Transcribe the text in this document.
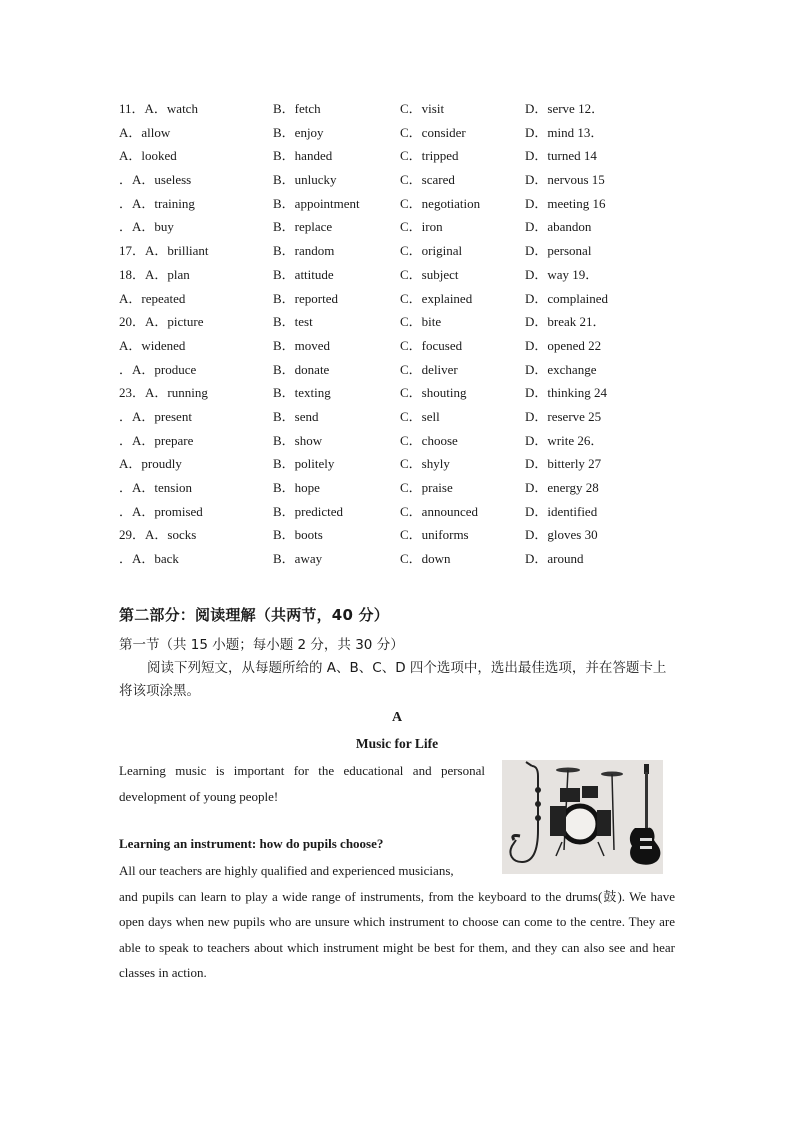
11．A．watch	B．fetch	C．visit	D．serve 12．
A．allow	B．enjoy	C．consider	D．mind 13．
A．looked	B．handed	C．tripped	D．turned 14
．A．useless	B．unlucky	C．scared	D．nervous 15
．A．training	B．appointment	C．negotiation	D．meeting 16
．A．buy	B．replace	C．iron	D．abandon
17．A．brilliant	B．random	C．original	D．personal
18．A．plan	B．attitude	C．subject	D．way 19．
A．repeated	B．reported	C．explained	D．complained
20．A．picture	B．test	C．bite	D．break 21．
A．widened	B．moved	C．focused	D．opened 22
．A．produce	B．donate	C．deliver	D．exchange
23．A．running	B．texting	C．shouting	D．thinking 24
．A．present	B．send	C．sell	D．reserve 25
．A．prepare	B．show	C．choose	D．write 26．
A．proudly	B．politely	C．shyly	D．bitterly 27
．A．tension	B．hope	C．praise	D．energy 28
．A．promised	B．predicted	C．announced	D．identified
29．A．socks	B．boots	C．uniforms	D．gloves 30
．A．back	B．away	C．down	D．around
第二部分：阅读理解（共两节，40 分）
第一节（共 15 小题；每小题 2 分，共 30 分）
阅读下列短文，从每题所给的 A、B、C、D 四个选项中，选出最佳选项，并在答题卡上将该项涂黑。
A
Music for Life
Learning music is important for the educational and personal development of young people!
Learning an instrument: how do pupils choose?
All our teachers are highly qualified and experienced musicians,
and pupils can learn to play a wide range of instruments, from the keyboard to the drums(鼓). We have open days when new pupils who are unsure which instrument to choose can come to the centre. They are able to speak to teachers about which instrument might be best for them, and they can also see and hear classes in action.
